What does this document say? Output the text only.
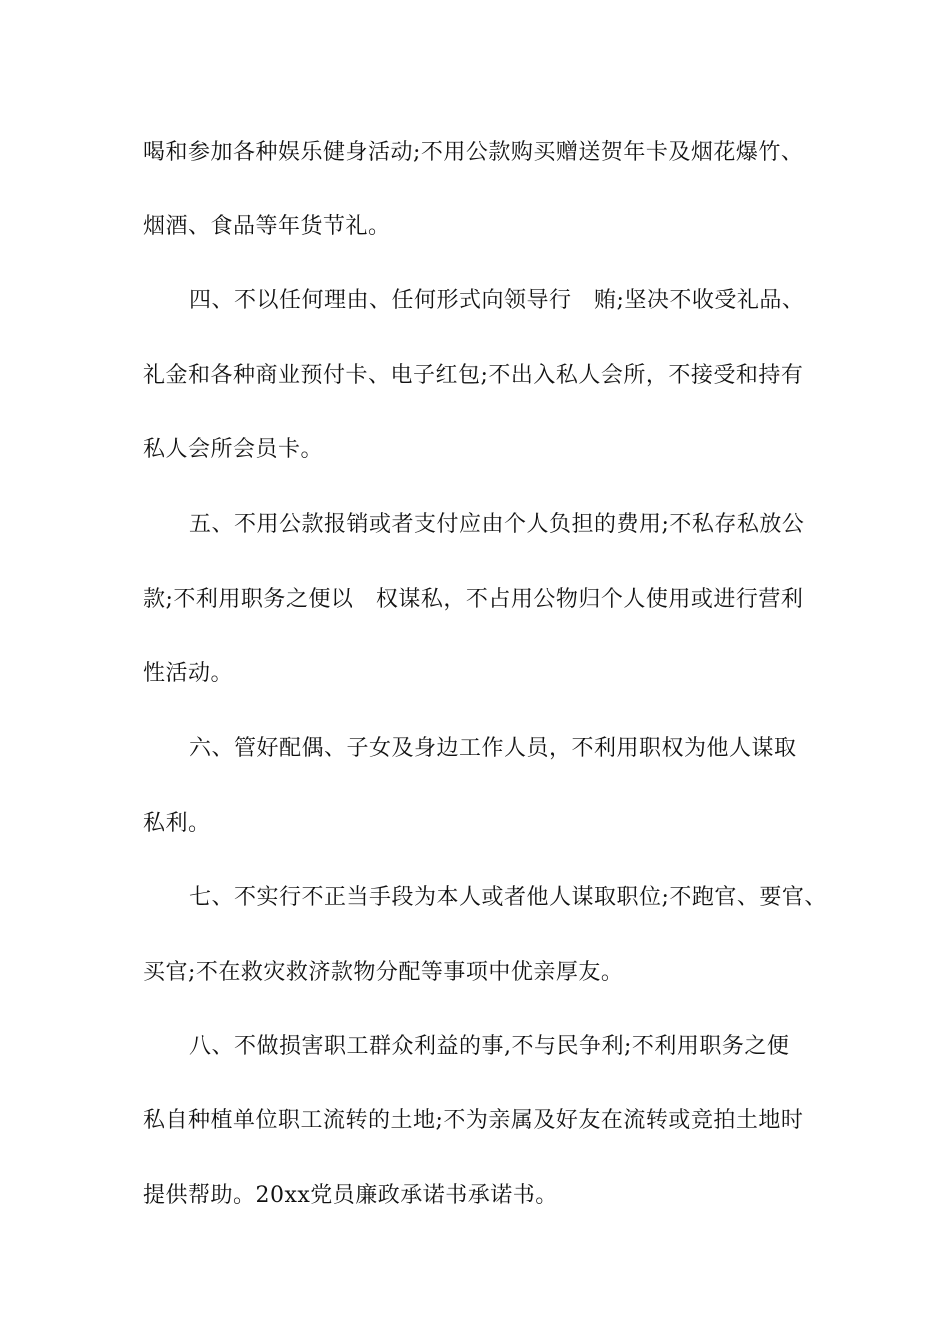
喝和参加各种娱乐健身活动;不用公款购买赠送贺年卡及烟花爆竹、
烟酒、食品等年货节礼。
四、不以任何理由、任何形式向领导行　贿;坚决不收受礼品、
礼金和各种商业预付卡、电子红包;不出入私人会所，不接受和持有
私人会所会员卡。
五、不用公款报销或者支付应由个人负担的费用;不私存私放公
款;不利用职务之便以　权谋私，不占用公物归个人使用或进行营利
性活动。
六、管好配偶、子女及身边工作人员，不利用职权为他人谋取
私利。
七、不实行不正当手段为本人或者他人谋取职位;不跑官、要官、
买官;不在救灾救济款物分配等事项中优亲厚友。
八、不做损害职工群众利益的事,不与民争利;不利用职务之便
私自种植单位职工流转的土地;不为亲属及好友在流转或竞拍土地时
提供帮助。20xx党员廉政承诺书承诺书。
